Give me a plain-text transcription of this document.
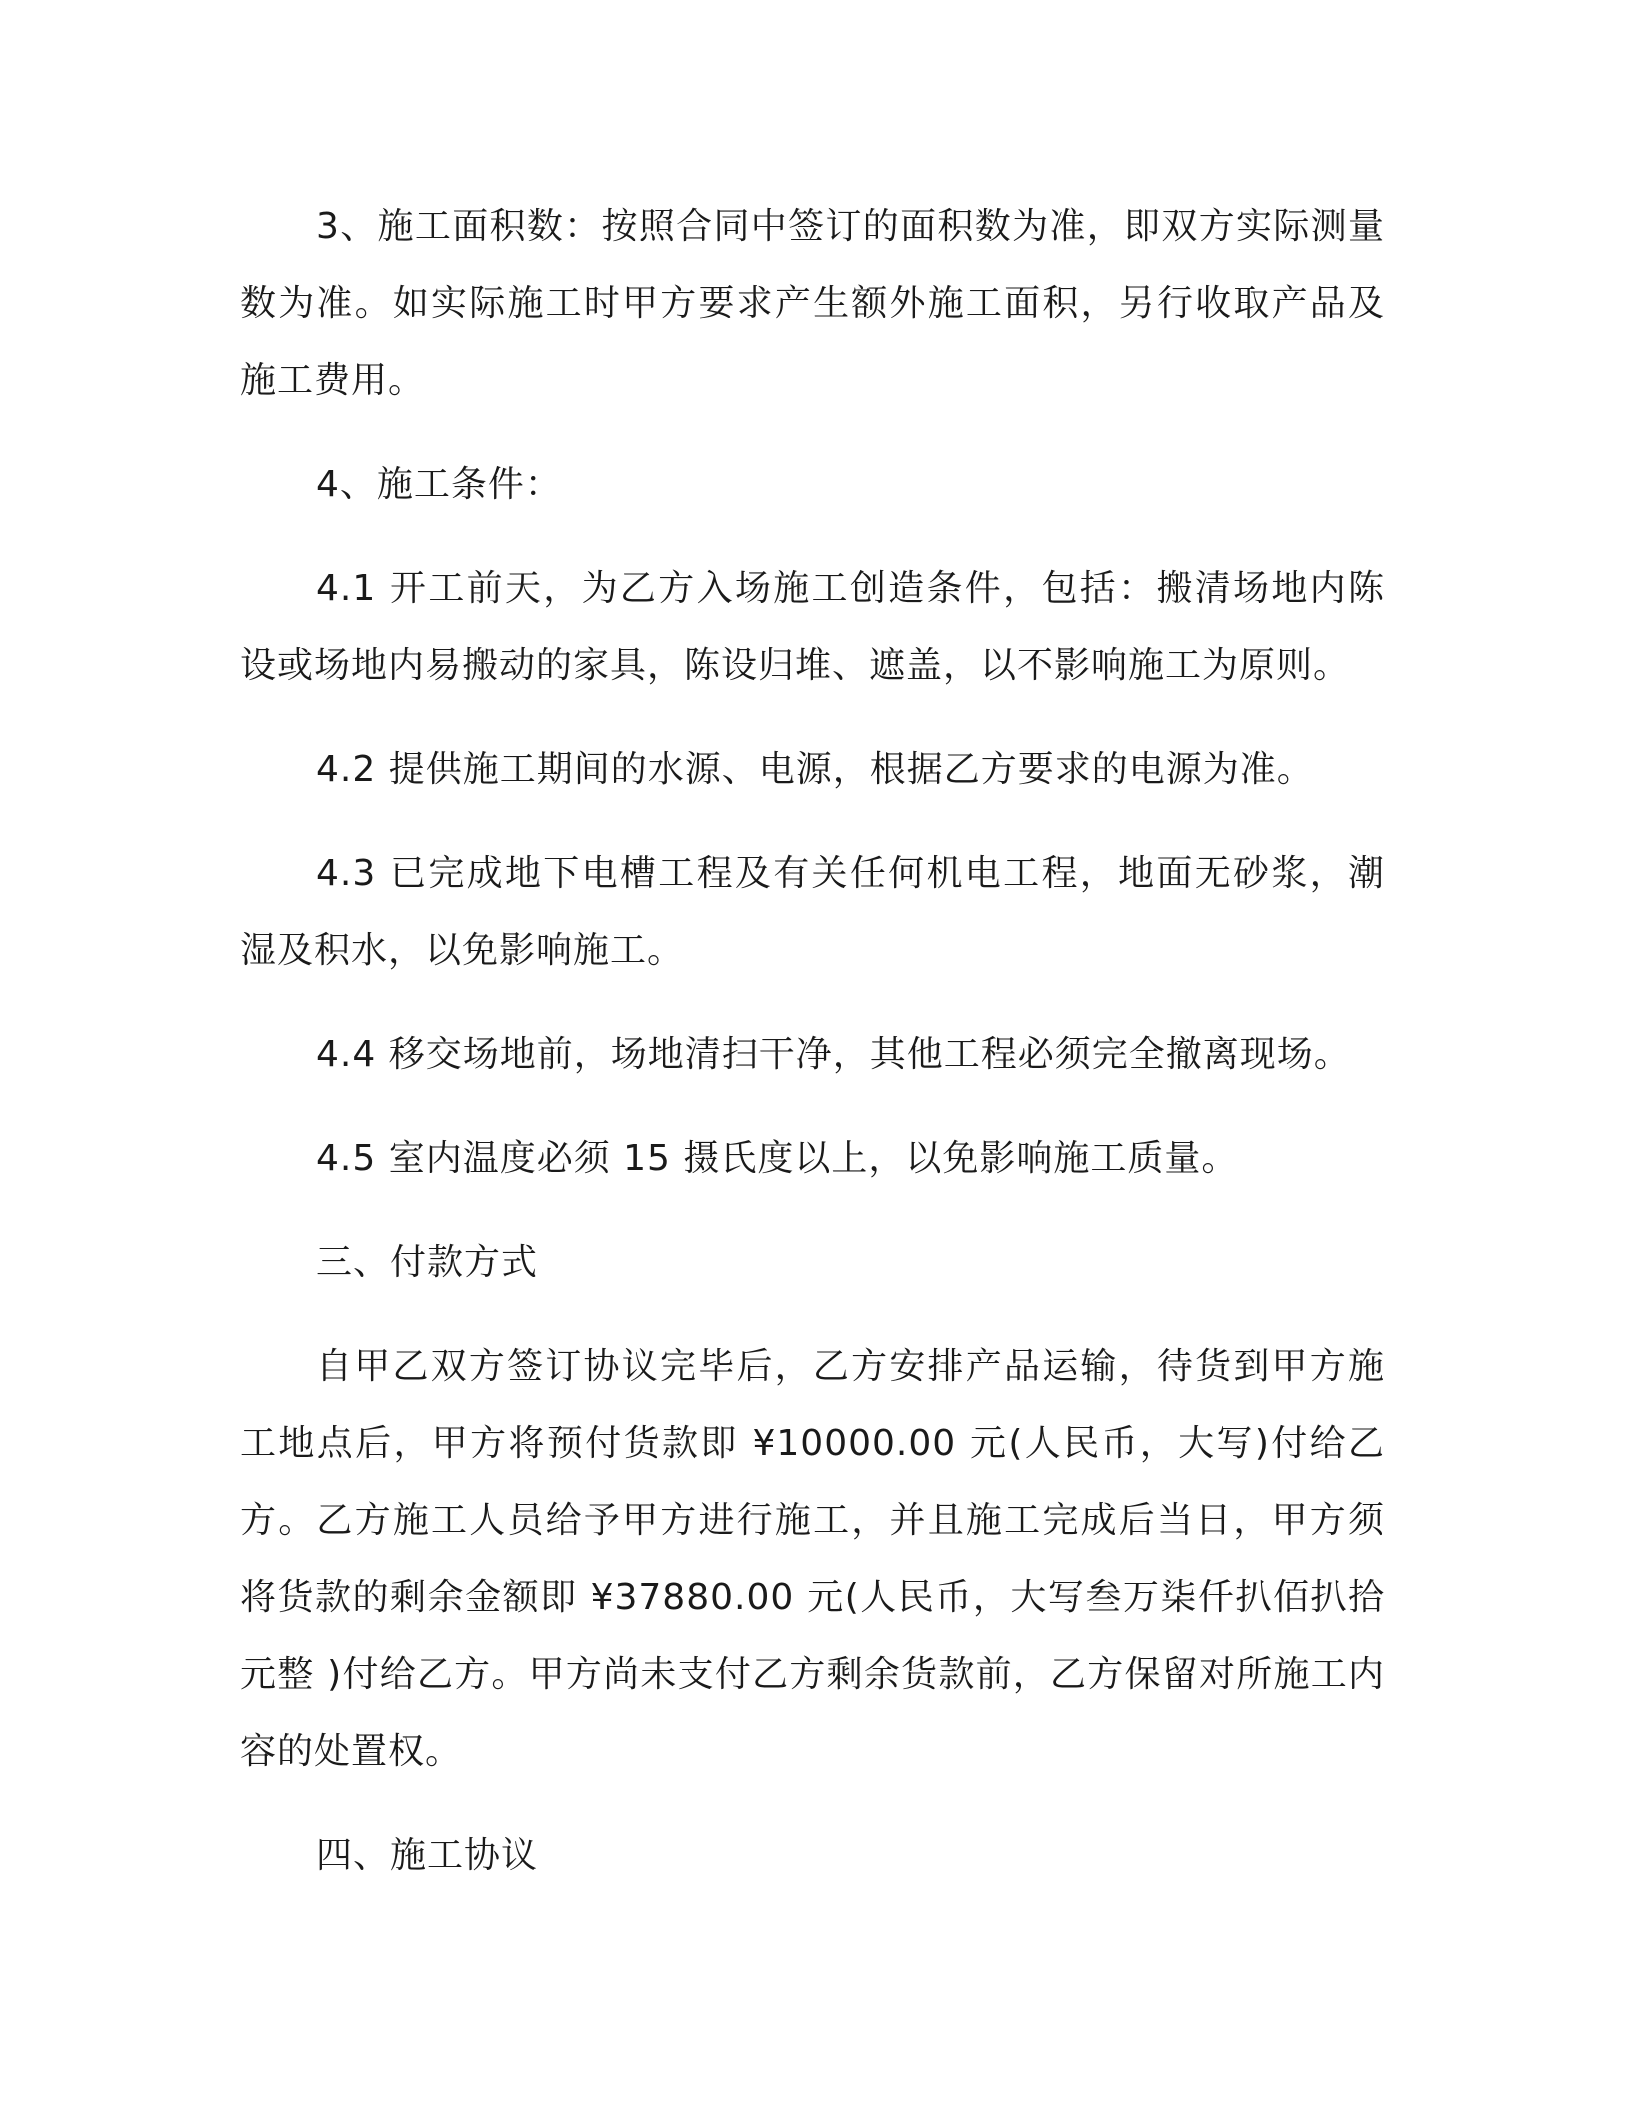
3、施工面积数：按照合同中签订的面积数为准，即双方实际测量数为准。如实际施工时甲方要求产生额外施工面积，另行收取产品及施工费用。

4、施工条件：

4.1 开工前天，为乙方入场施工创造条件，包括：搬清场地内陈设或场地内易搬动的家具，陈设归堆、遮盖，以不影响施工为原则。

4.2 提供施工期间的水源、电源，根据乙方要求的电源为准。

4.3 已完成地下电槽工程及有关任何机电工程，地面无砂浆，潮湿及积水，以免影响施工。

4.4 移交场地前，场地清扫干净，其他工程必须完全撤离现场。

4.5 室内温度必须 15 摄氏度以上，以免影响施工质量。

三、付款方式

自甲乙双方签订协议完毕后，乙方安排产品运输，待货到甲方施工地点后，甲方将预付货款即 ¥10000.00 元(人民币，大写)付给乙方。乙方施工人员给予甲方进行施工，并且施工完成后当日，甲方须将货款的剩余金额即 ¥37880.00 元(人民币，大写叁万柒仟扒佰扒拾元整 )付给乙方。甲方尚未支付乙方剩余货款前，乙方保留对所施工内容的处置权。

四、施工协议
